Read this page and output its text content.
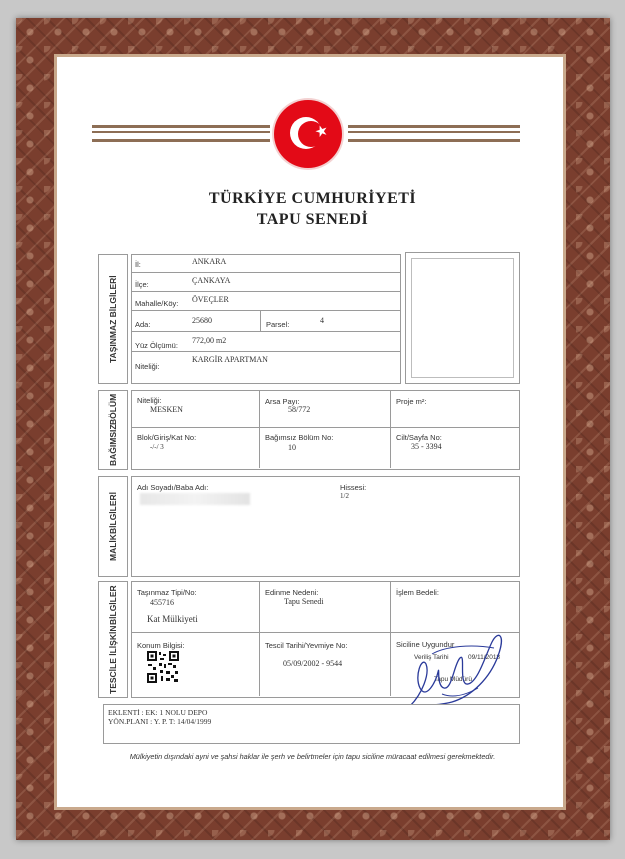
★
TÜRKİYE CUMHURİYETİ
TAPU SENEDİ
TAŞINMAZ BİLGİLERİ
İl:	ANKARA
İlçe:	ÇANKAYA
Mahalle/Köy: ÖVEÇLER
Ada:	25680	Parsel:	4
Yüz Ölçümü:
772,00 m2
Niteliği:
KARGİR APARTMAN
BAĞIMSIZ
BÖLÜM	Niteliği:
MESKEN
Arsa Payı:
58/772
Proje m²:
Blok/Giriş/Kat No:
-/-/ 3
Bağımsız Bölüm No:
10
Cilt/Sayfa No:
35 - 3394
MALİK
BİLGİLERİ
Adı Soyadı/Baba Adı:	Hissesi:
1/2
TESCİLE İLİŞKİN
BİLGİLER	Taşınmaz Tipi/No:
455716
Kat Mülkiyeti
Edinme Nedeni:
Tapu Senedi
İşlem Bedeli:
Konum Bilgisi:	Tescil Tarihi/Yevmiye No:
05/09/2002 - 9544
Siciline Uygundur
Veriliş Tarihi	09/11/2018
Tapu Müdürü
EKLENTİ : EK: 1 NOLU DEPO
YÖN.PLANI : Y. P. T: 14/04/1999
Mülkiyetin dışındaki ayni ve şahsi haklar ile şerh ve belirtmeler için tapu siciline müracaat edilmesi gerekmektedir.
